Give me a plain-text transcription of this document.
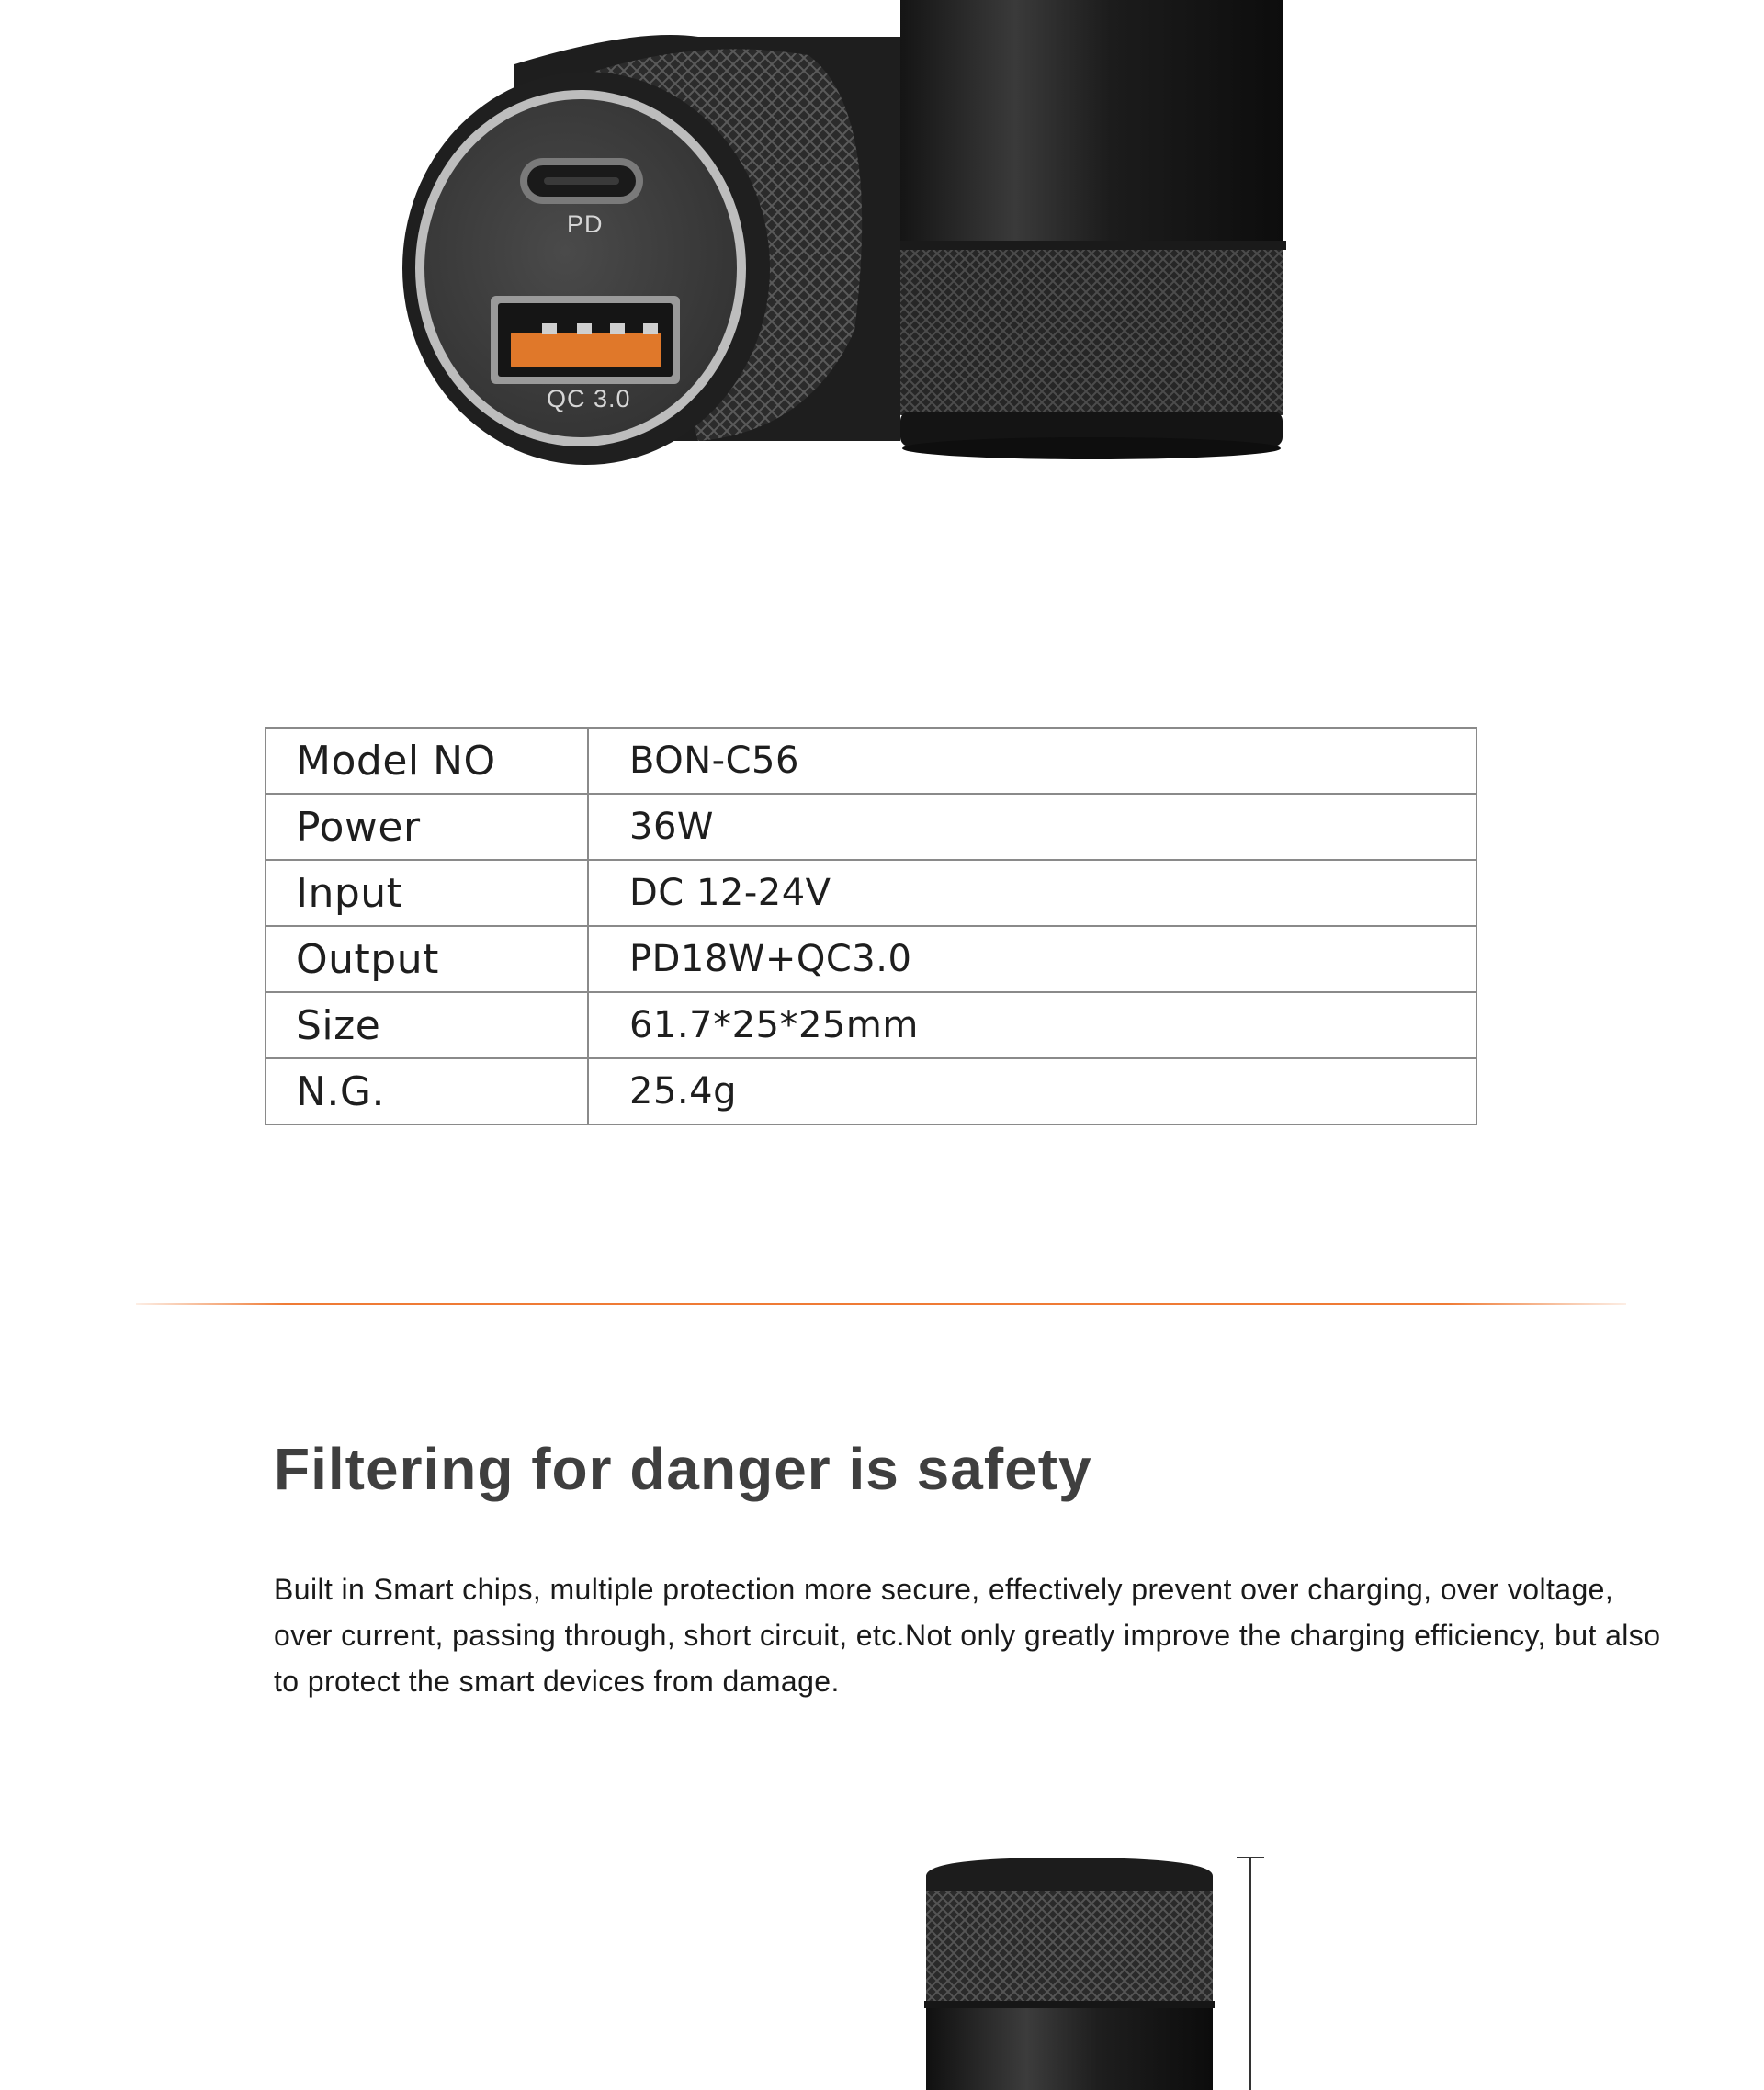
PD
QC 3.0
Model NO	BON-C56
Power	36W
Input	DC 12-24V
Output	PD18W+QC3.0
Size	61.7*25*25mm
N.G.	25.4g
Filtering for danger is safety

Built in Smart chips, multiple protection more secure, effectively prevent over charging, over voltage, over current, passing through, short circuit, etc.Not only greatly improve the charging efficiency, but also to protect the smart devices from damage.
